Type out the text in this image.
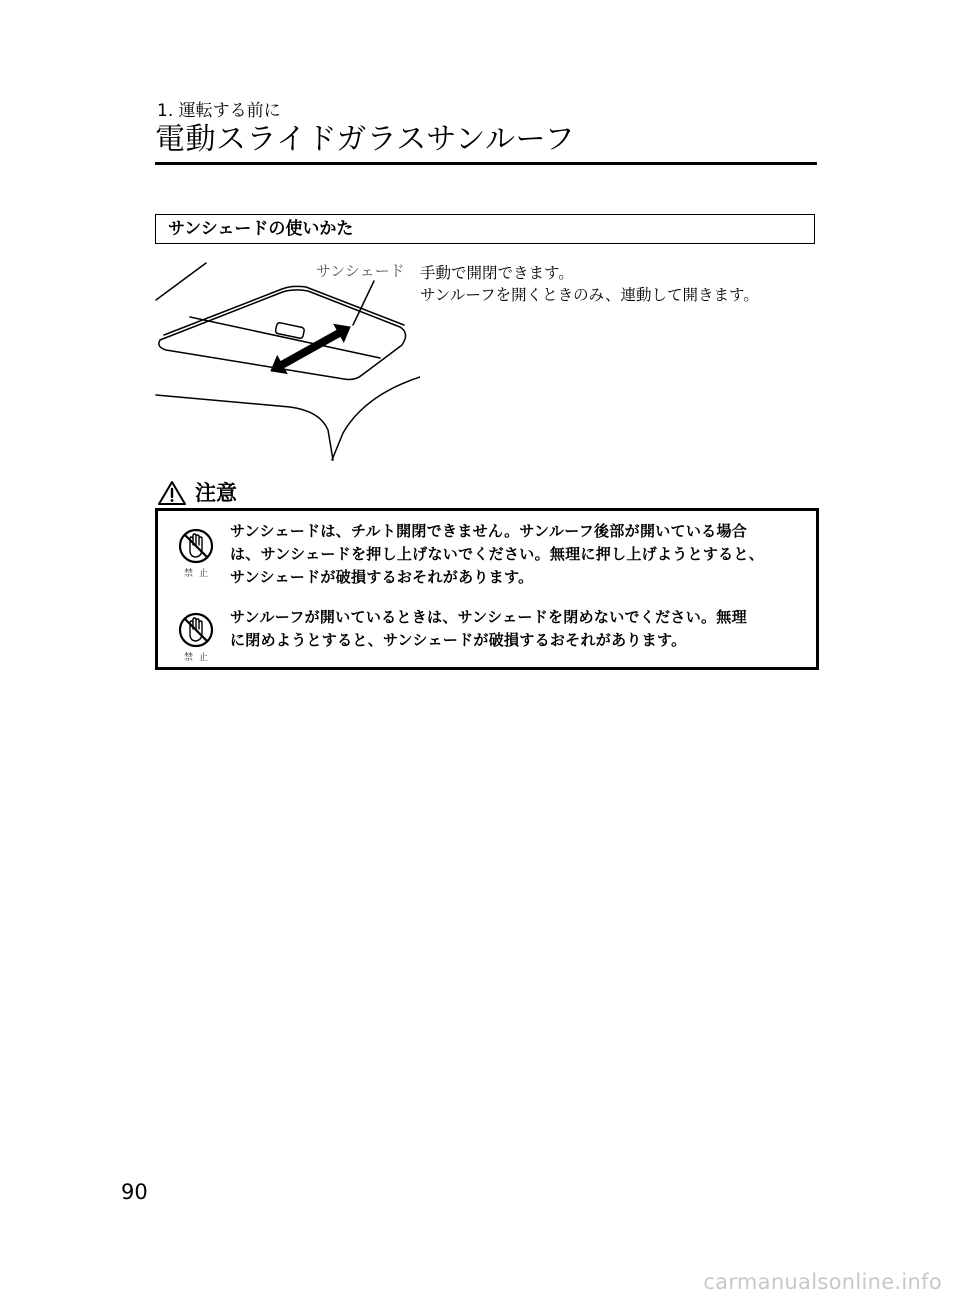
1. 運転する前に
電動スライドガラスサンルーフ
サンシェードの使いかた
サンシェード 手動で開閉できます。
サンルーフを開くときのみ、連動して開きます。
注意
禁止
サンシェードは、チルト開閉できません。サンルーフ後部が開いている場合
は、サンシェードを押し上げないでください。無理に押し上げようとすると、
サンシェードが破損するおそれがあります。
禁止
サンルーフが開いているときは、サンシェードを閉めないでください。無理
に閉めようとすると、サンシェードが破損するおそれがあります。
90
carmanualsonline.info
